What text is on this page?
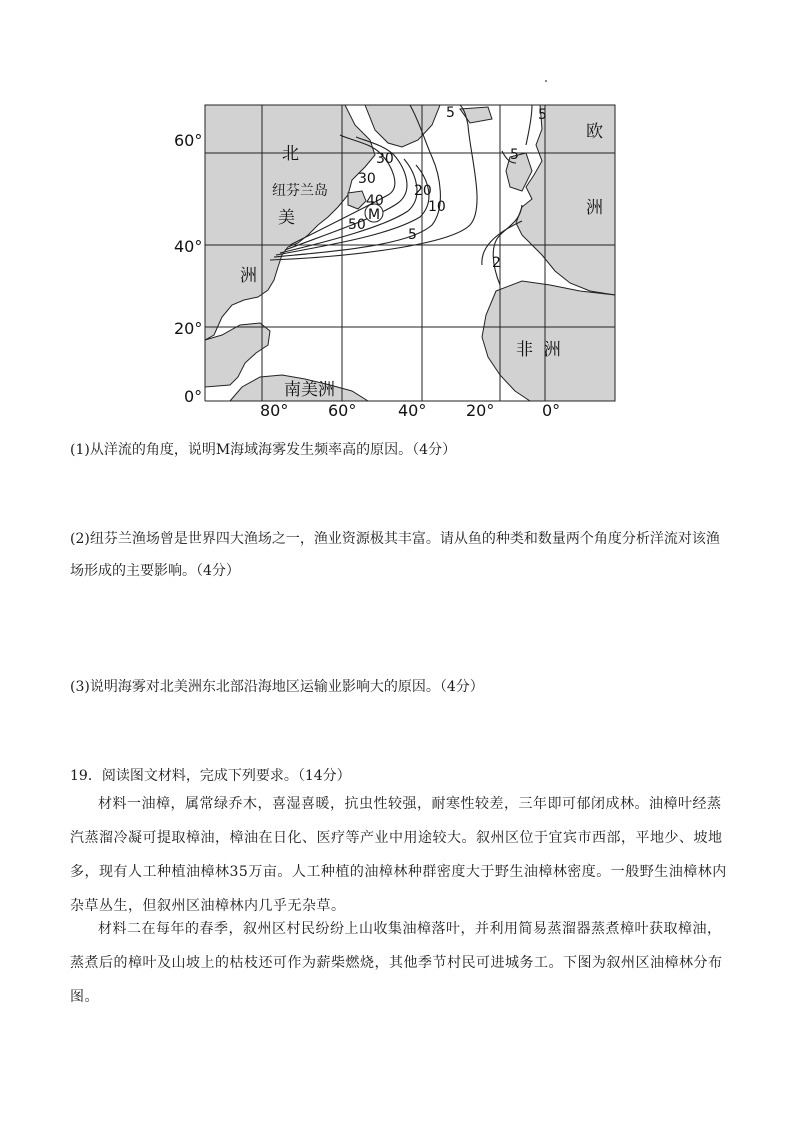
M
5	5
5
30
30
40
50
20
10
5
2
北
纽芬兰岛
美
洲
欧
洲
非  洲
南美洲
60°
40°
20°
0°
80° 60°	40° 20°	0°
(1)从洋流的角度，说明M海域海雾发生频率高的原因。（4分）
(2)纽芬兰渔场曾是世界四大渔场之一，渔业资源极其丰富。请从鱼的种类和数量两个角度分析洋流对该渔场形成的主要影响。（4分）
(3)说明海雾对北美洲东北部沿海地区运输业影响大的原因。（4分）
19．阅读图文材料，完成下列要求。（14分）
材料一油樟，属常绿乔木，喜湿喜暖，抗虫性较强，耐寒性较差，三年即可郁闭成林。油樟叶经蒸汽蒸溜冷凝可提取樟油，樟油在日化、医疗等产业中用途较大。叙州区位于宜宾市西部，平地少、坡地多，现有人工种植油樟林35万亩。人工种植的油樟林种群密度大于野生油樟林密度。一般野生油樟林内杂草丛生，但叙州区油樟林内几乎无杂草。
材料二在每年的春季，叙州区村民纷纷上山收集油樟落叶，并利用简易蒸溜器蒸煮樟叶获取樟油，蒸煮后的樟叶及山坡上的枯枝还可作为薪柴燃烧，其他季节村民可进城务工。下图为叙州区油樟林分布图。
